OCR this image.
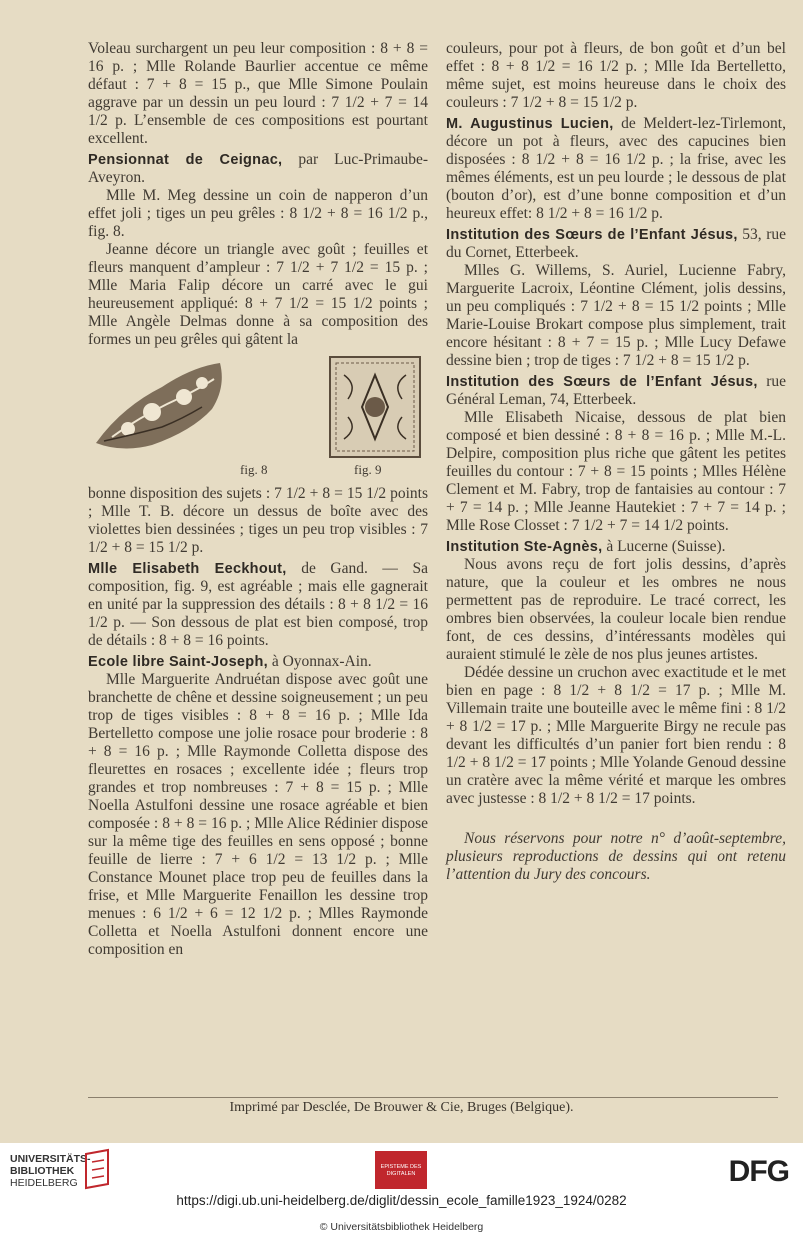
Voleau surchargent un peu leur composition : 8 + 8 = 16 p. ; Mlle Rolande Baurlier accentue ce même défaut : 7 + 8 = 15 p., que Mlle Simone Poulain aggrave par un dessin un peu lourd : 7 1/2 + 7 = 14 1/2 p. L’ensemble de ces compositions est pourtant excellent.

Pensionnat de Ceignac, par Luc-Primaube-Aveyron.

Mlle M. Meg dessine un coin de napperon d’un effet joli ; tiges un peu grêles : 8 1/2 + 8 = 16 1/2 p., fig. 8.

Jeanne décore un triangle avec goût ; feuilles et fleurs manquent d’ampleur : 7 1/2 + 7 1/2 = 15 p. ; Mlle Maria Falip décore un carré avec le gui heureusement appliqué: 8 + 7 1/2 = 15 1/2 points ; Mlle Angèle Delmas donne à sa composition des formes un peu grêles qui gâtent la

fig. 8	fig. 9

bonne disposition des sujets : 7 1/2 + 8 = 15 1/2 points ; Mlle T. B. décore un dessus de boîte avec des violettes bien dessinées ; tiges un peu trop visibles : 7 1/2 + 8 = 15 1/2 p.

Mlle Elisabeth Eeckhout, de Gand. — Sa composition, fig. 9, est agréable ; mais elle gagnerait en unité par la suppression des détails : 8 + 8 1/2 = 16 1/2 p. — Son dessous de plat est bien composé, trop de détails : 8 + 8 = 16 points.

Ecole libre Saint-Joseph, à Oyonnax-Ain.

Mlle Marguerite Andruétan dispose avec goût une branchette de chêne et dessine soigneusement ; un peu trop de tiges visibles : 8 + 8 = 16 p. ; Mlle Ida Bertelletto compose une jolie rosace pour broderie : 8 + 8 = 16 p. ; Mlle Raymonde Colletta dispose des fleurettes en rosaces ; excellente idée ; fleurs trop grandes et trop nombreuses : 7 + 8 = 15 p. ; Mlle Noella Astulfoni dessine une rosace agréable et bien composée : 8 + 8 = 16 p. ; Mlle Alice Rédinier dispose sur la même tige des feuilles en sens opposé ; bonne feuille de lierre : 7 + 6 1/2 = 13 1/2 p. ; Mlle Constance Mounet place trop peu de feuilles dans la frise, et Mlle Marguerite Fenaillon les dessine trop menues : 6 1/2 + 6 = 12 1/2 p. ; Mlles Raymonde Colletta et Noella Astulfoni donnent encore une composition en

couleurs, pour pot à fleurs, de bon goût et d’un bel effet : 8 + 8 1/2 = 16 1/2 p. ; Mlle Ida Bertelletto, même sujet, est moins heureuse dans le choix des couleurs : 7 1/2 + 8 = 15 1/2 p.

M. Augustinus Lucien, de Meldert-lez-Tirlemont, décore un pot à fleurs, avec des capucines bien disposées : 8 1/2 + 8 = 16 1/2 p. ; la frise, avec les mêmes éléments, est un peu lourde ; le dessous de plat (bouton d’or), est d’une bonne composition et d’un heureux effet: 8 1/2 + 8 = 16 1/2 p.

Institution des Sœurs de l’Enfant Jésus, 53, rue du Cornet, Etterbeek.

Mlles G. Willems, S. Auriel, Lucienne Fabry, Marguerite Lacroix, Léontine Clément, jolis dessins, un peu compliqués : 7 1/2 + 8 = 15 1/2 points ; Mlle Marie-Louise Brokart compose plus simplement, trait encore hésitant : 8 + 7 = 15 p. ; Mlle Lucy Defawe dessine bien ; trop de tiges : 7 1/2 + 8 = 15 1/2 p.

Institution des Sœurs de l’Enfant Jésus, rue Général Leman, 74, Etterbeek.

Mlle Elisabeth Nicaise, dessous de plat bien composé et bien dessiné : 8 + 8 = 16 p. ; Mlle M.-L. Delpire, composition plus riche que gâtent les petites feuilles du contour : 7 + 8 = 15 points ; Mlles Hélène Clement et M. Fabry, trop de fantaisies au contour : 7 + 7 = 14 p. ; Mlle Jeanne Hautekiet : 7 + 7 = 14 p. ; Mlle Rose Closset : 7 1/2 + 7 = 14 1/2 points.

Institution Ste-Agnès, à Lucerne (Suisse).

Nous avons reçu de fort jolis dessins, d’après nature, que la couleur et les ombres ne nous permettent pas de reproduire. Le tracé correct, les ombres bien observées, la couleur locale bien rendue font, de ces dessins, d’intéressants modèles qui auraient stimulé le zèle de nos plus jeunes artistes.

Dédée dessine un cruchon avec exactitude et le met bien en page : 8 1/2 + 8 1/2 = 17 p. ; Mlle M. Villemain traite une bouteille avec le même fini : 8 1/2 + 8 1/2 = 17 p. ; Mlle Marguerite Birgy ne recule pas devant les difficultés d’un panier fort bien rendu : 8 1/2 + 8 1/2 = 17 points ; Mlle Yolande Genoud dessine un cratère avec la même vérité et marque les ombres avec justesse : 8 1/2 + 8 1/2 = 17 points.

Nous réservons pour notre n° d’août-septembre, plusieurs reproductions de dessins qui ont retenu l’attention du Jury des concours.

Imprimé par Desclée, De Brouwer & Cie, Bruges (Belgique).
UNIVERSITÄTS-
BIBLIOTHEK
HEIDELBERG
EPISTEME DES DIGITALEN	DFG
https://digi.ub.uni-heidelberg.de/diglit/dessin_ecole_famille1923_1924/0282
© Universitätsbibliothek Heidelberg
